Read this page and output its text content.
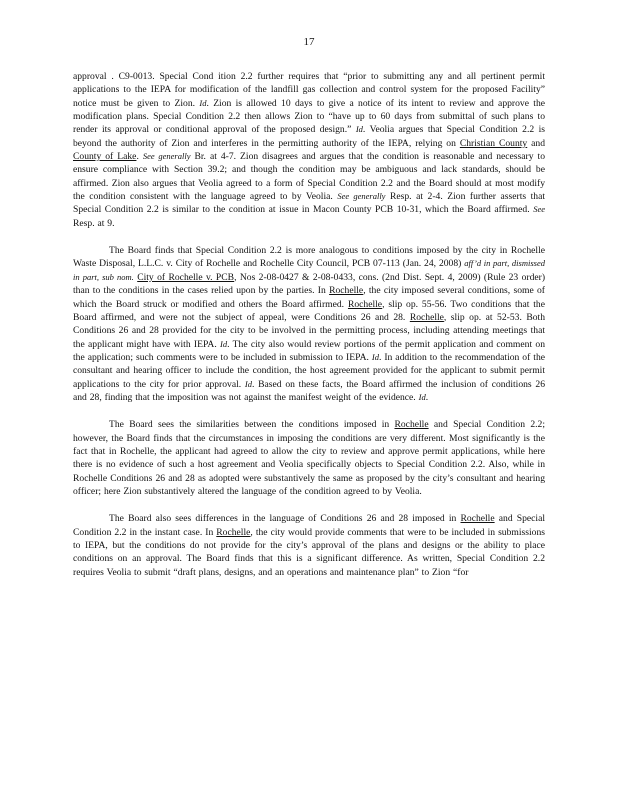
17

approval . C9-0013. Special Cond ition 2.2 further requires that “prior to submitting any and all pertinent permit applications to the IEPA for modification of the landfill gas collection and control system for the proposed Facility” notice must be given to Zion. Id. Zion is allowed 10 days to give a notice of its intent to review and approve the modification plans. Special Condition 2.2 then allows Zion to “have up to 60 days from submittal of such plans to render its approval or conditional approval of the proposed design.” Id. Veolia argues that Special Condition 2.2 is beyond the authority of Zion and interferes in the permitting authority of the IEPA, relying on Christian County and County of Lake. See generally Br. at 4-7. Zion disagrees and argues that the condition is reasonable and necessary to ensure compliance with Section 39.2; and though the condition may be ambiguous and lack standards, should be affirmed. Zion also argues that Veolia agreed to a form of Special Condition 2.2 and the Board should at most modify the condition consistent with the language agreed to by Veolia. See generally Resp. at 2-4. Zion further asserts that Special Condition 2.2 is similar to the condition at issue in Macon County PCB 10-31, which the Board affirmed. See Resp. at 9.

The Board finds that Special Condition 2.2 is more analogous to conditions imposed by the city in Rochelle Waste Disposal, L.L.C. v. City of Rochelle and Rochelle City Council, PCB 07-113 (Jan. 24, 2008) aff’d in part, dismissed in part, sub nom. City of Rochelle v. PCB, Nos 2-08-0427 & 2-08-0433, cons. (2nd Dist. Sept. 4, 2009) (Rule 23 order) than to the conditions in the cases relied upon by the parties. In Rochelle, the city imposed several conditions, some of which the Board struck or modified and others the Board affirmed. Rochelle, slip op. 55-56. Two conditions that the Board affirmed, and were not the subject of appeal, were Conditions 26 and 28. Rochelle, slip op. at 52-53. Both Conditions 26 and 28 provided for the city to be involved in the permitting process, including attending meetings that the applicant might have with IEPA. Id. The city also would review portions of the permit application and comment on the application; such comments were to be included in submission to IEPA. Id. In addition to the recommendation of the consultant and hearing officer to include the condition, the host agreement provided for the applicant to submit permit applications to the city for prior approval. Id. Based on these facts, the Board affirmed the inclusion of conditions 26 and 28, finding that the imposition was not against the manifest weight of the evidence. Id.

The Board sees the similarities between the conditions imposed in Rochelle and Special Condition 2.2; however, the Board finds that the circumstances in imposing the conditions are very different. Most significantly is the fact that in Rochelle, the applicant had agreed to allow the city to review and approve permit applications, while here there is no evidence of such a host agreement and Veolia specifically objects to Special Condition 2.2. Also, while in Rochelle Conditions 26 and 28 as adopted were substantively the same as proposed by the city’s consultant and hearing officer; here Zion substantively altered the language of the condition agreed to by Veolia.

The Board also sees differences in the language of Conditions 26 and 28 imposed in Rochelle and Special Condition 2.2 in the instant case. In Rochelle, the city would provide comments that were to be included in submissions to IEPA, but the conditions do not provide for the city’s approval of the plans and designs or the ability to place conditions on an approval. The Board finds that this is a significant difference. As written, Special Condition 2.2 requires Veolia to submit “draft plans, designs, and an operations and maintenance plan” to Zion “for
